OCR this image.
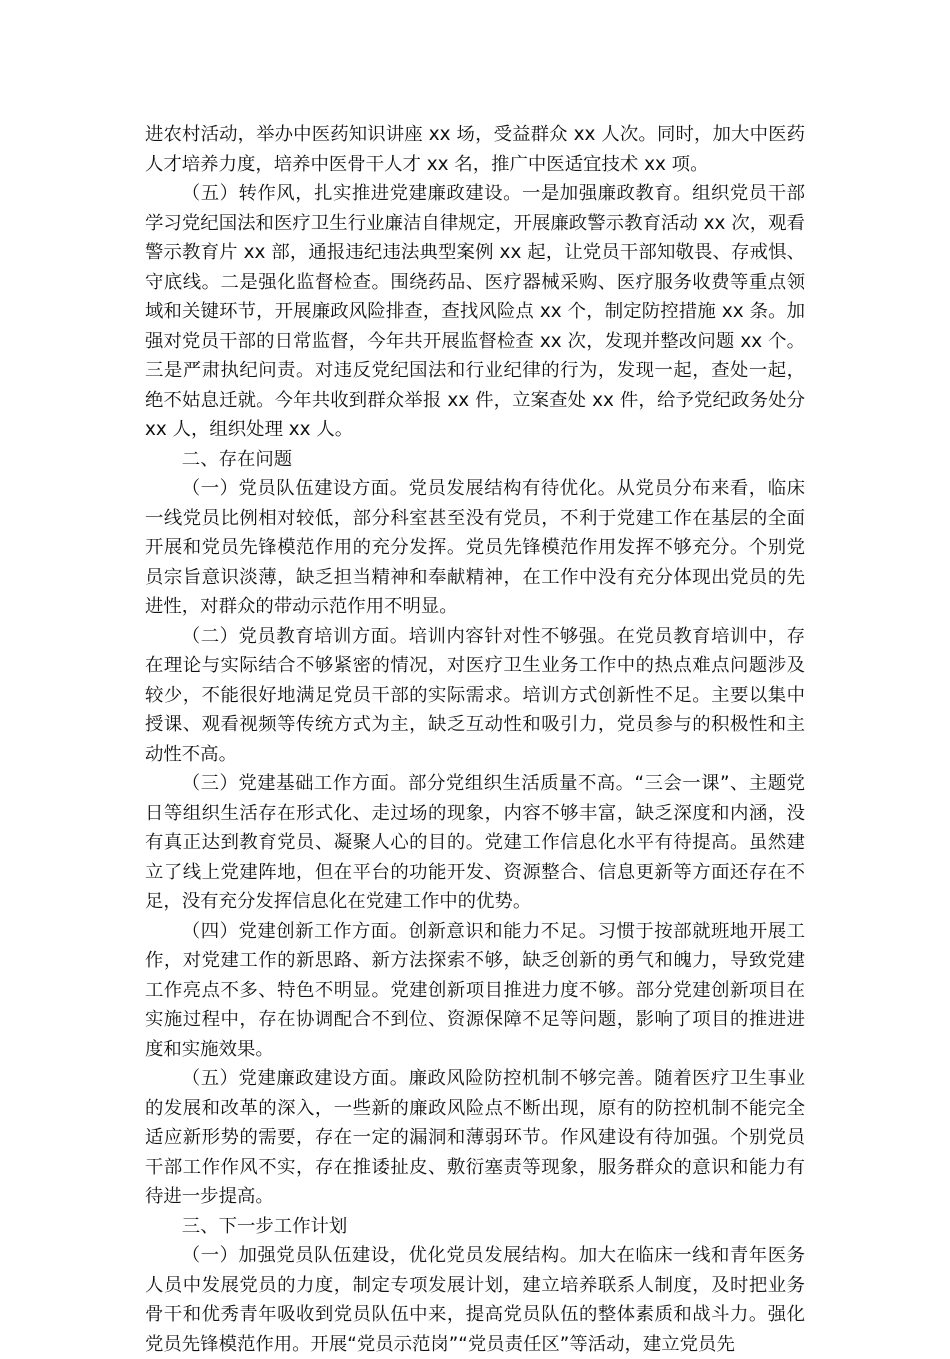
进农村活动，举办中医药知识讲座 xx 场，受益群众 xx 人次。同时，加大中医药人才培养力度，培养中医骨干人才 xx 名，推广中医适宜技术 xx 项。

（五）转作风，扎实推进党建廉政建设。一是加强廉政教育。组织党员干部学习党纪国法和医疗卫生行业廉洁自律规定，开展廉政警示教育活动 xx 次，观看警示教育片 xx 部，通报违纪违法典型案例 xx 起，让党员干部知敬畏、存戒惧、守底线。二是强化监督检查。围绕药品、医疗器械采购、医疗服务收费等重点领域和关键环节，开展廉政风险排查，查找风险点 xx 个，制定防控措施 xx 条。加强对党员干部的日常监督，今年共开展监督检查 xx 次，发现并整改问题 xx 个。三是严肃执纪问责。对违反党纪国法和行业纪律的行为，发现一起，查处一起，绝不姑息迁就。今年共收到群众举报 xx 件，立案查处 xx 件，给予党纪政务处分 xx 人，组织处理 xx 人。

二、存在问题

（一）党员队伍建设方面。党员发展结构有待优化。从党员分布来看，临床一线党员比例相对较低，部分科室甚至没有党员，不利于党建工作在基层的全面开展和党员先锋模范作用的充分发挥。党员先锋模范作用发挥不够充分。个别党员宗旨意识淡薄，缺乏担当精神和奉献精神，在工作中没有充分体现出党员的先进性，对群众的带动示范作用不明显。

（二）党员教育培训方面。培训内容针对性不够强。在党员教育培训中，存在理论与实际结合不够紧密的情况，对医疗卫生业务工作中的热点难点问题涉及较少，不能很好地满足党员干部的实际需求。培训方式创新性不足。主要以集中授课、观看视频等传统方式为主，缺乏互动性和吸引力，党员参与的积极性和主动性不高。

（三）党建基础工作方面。部分党组织生活质量不高。“三会一课”、主题党日等组织生活存在形式化、走过场的现象，内容不够丰富，缺乏深度和内涵，没有真正达到教育党员、凝聚人心的目的。党建工作信息化水平有待提高。虽然建立了线上党建阵地，但在平台的功能开发、资源整合、信息更新等方面还存在不足，没有充分发挥信息化在党建工作中的优势。

（四）党建创新工作方面。创新意识和能力不足。习惯于按部就班地开展工作，对党建工作的新思路、新方法探索不够，缺乏创新的勇气和魄力，导致党建工作亮点不多、特色不明显。党建创新项目推进力度不够。部分党建创新项目在实施过程中，存在协调配合不到位、资源保障不足等问题，影响了项目的推进进度和实施效果。

（五）党建廉政建设方面。廉政风险防控机制不够完善。随着医疗卫生事业的发展和改革的深入，一些新的廉政风险点不断出现，原有的防控机制不能完全适应新形势的需要，存在一定的漏洞和薄弱环节。作风建设有待加强。个别党员干部工作作风不实，存在推诿扯皮、敷衍塞责等现象，服务群众的意识和能力有待进一步提高。

三、下一步工作计划

（一）加强党员队伍建设，优化党员发展结构。加大在临床一线和青年医务人员中发展党员的力度，制定专项发展计划，建立培养联系人制度，及时把业务骨干和优秀青年吸收到党员队伍中来，提高党员队伍的整体素质和战斗力。强化党员先锋模范作用。开展“党员示范岗”“党员责任区”等活动，建立党员先
